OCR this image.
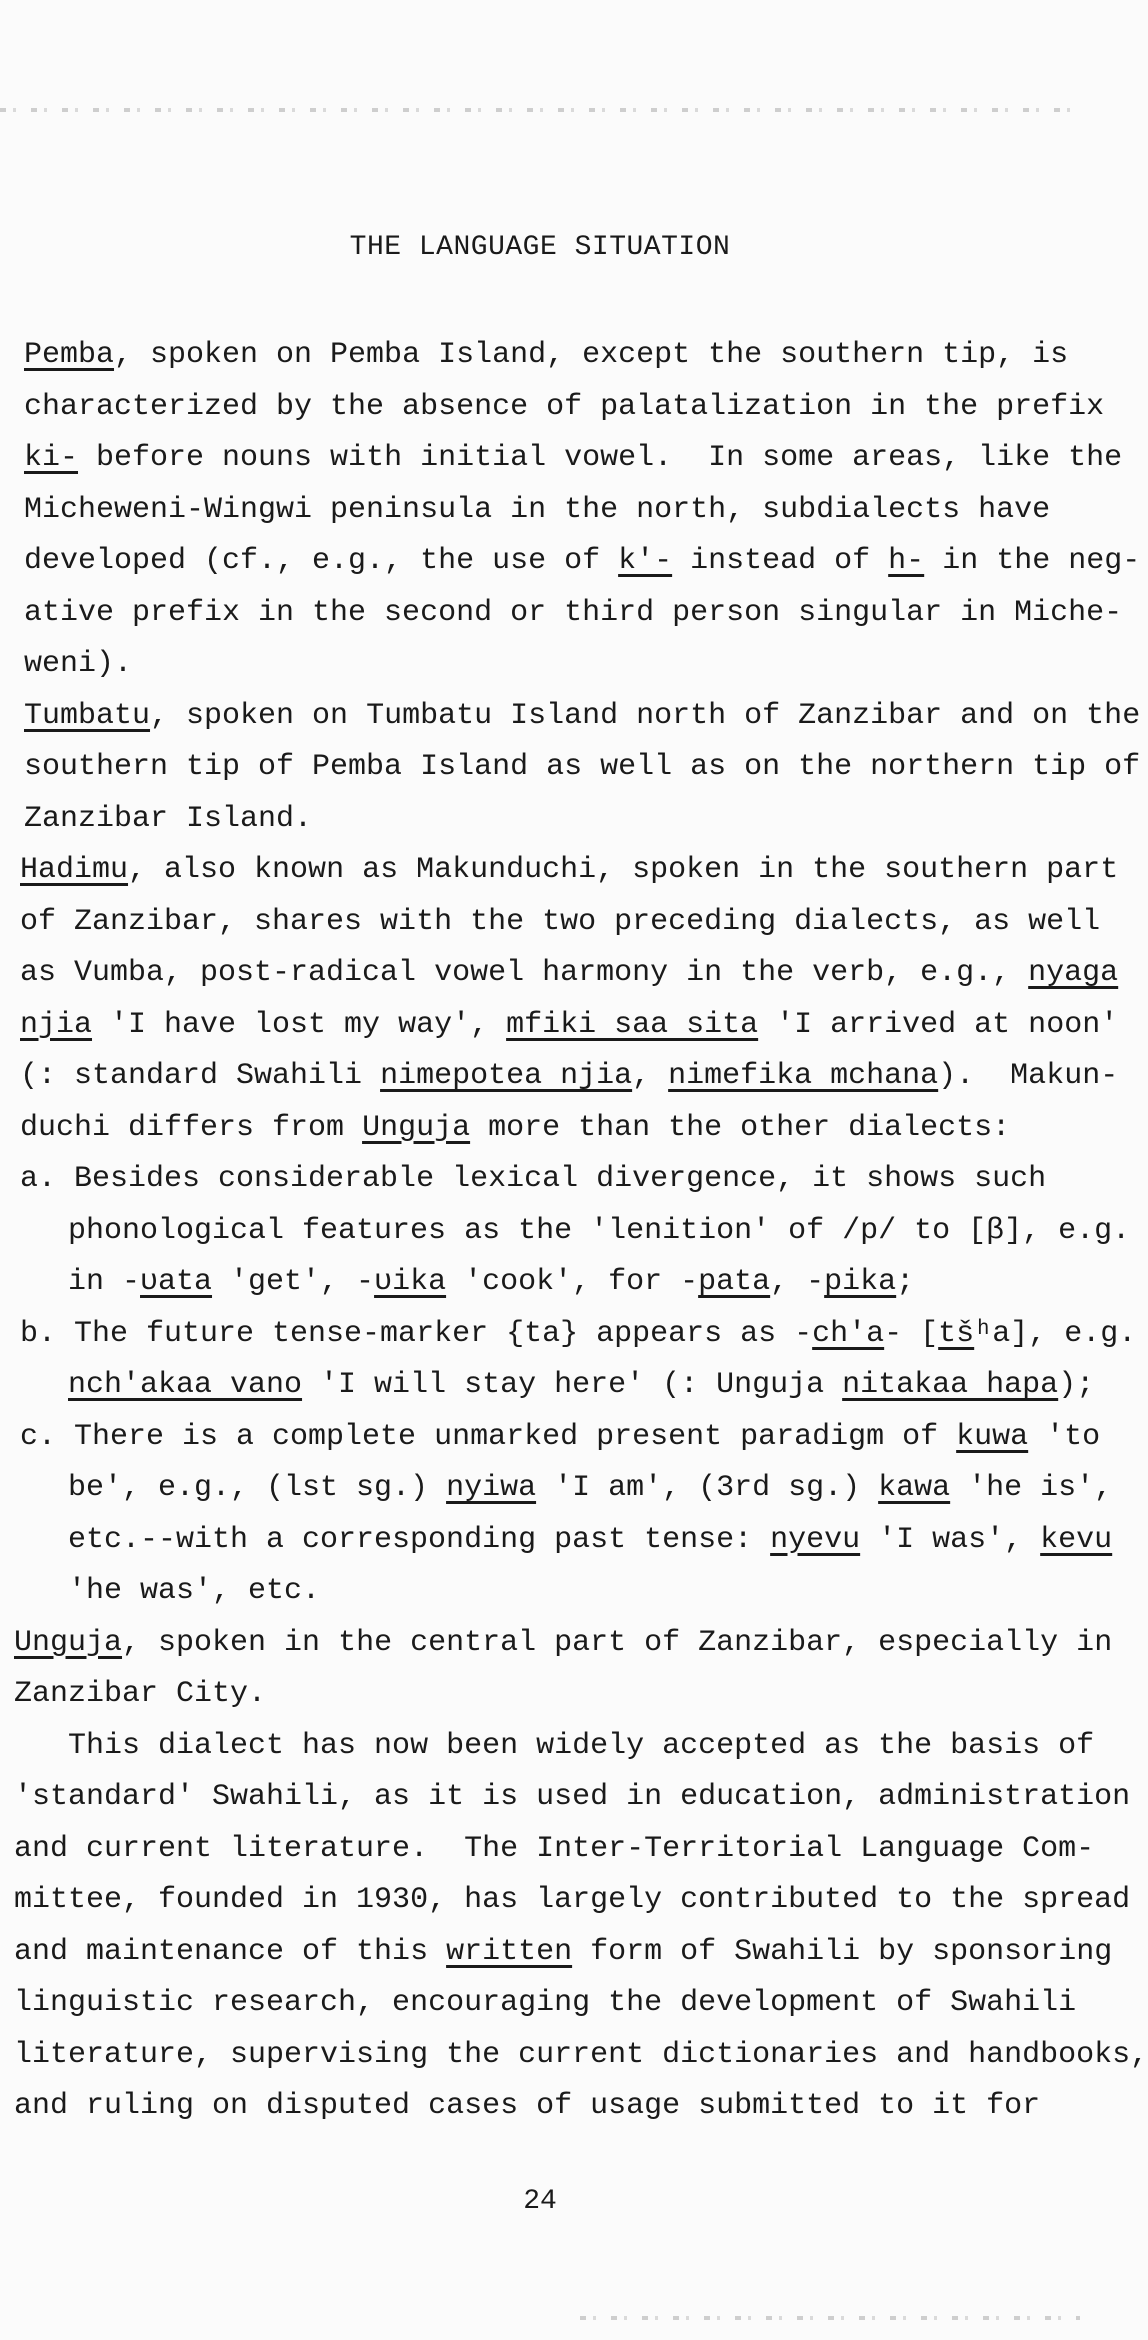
THE LANGUAGE SITUATION
Pemba, spoken on Pemba Island, except the southern tip, is
characterized by the absence of palatalization in the prefix
ki- before nouns with initial vowel.  In some areas, like the
Micheweni-Wingwi peninsula in the north, subdialects have
developed (cf., e.g., the use of k'- instead of h- in the neg-
ative prefix in the second or third person singular in Miche-
weni).
Tumbatu, spoken on Tumbatu Island north of Zanzibar and on the
southern tip of Pemba Island as well as on the northern tip of
Zanzibar Island.
Hadimu, also known as Makunduchi, spoken in the southern part
of Zanzibar, shares with the two preceding dialects, as well
as Vumba, post-radical vowel harmony in the verb, e.g., nyaga
njia 'I have lost my way', mfiki saa sita 'I arrived at noon'
(: standard Swahili nimepotea njia, nimefika mchana).  Makun-
duchi differs from Unguja more than the other dialects:
a. Besides considerable lexical divergence, it shows such
phonological features as the 'lenition' of /p/ to [β], e.g.
in -ʋata 'get', -ʋika 'cook', for -pata, -pika;
b. The future tense-marker {ta} appears as -ch'a- [tšʰa], e.g.
nch'akaa vano 'I will stay here' (: Unguja nitakaa hapa);
c. There is a complete unmarked present paradigm of kuwa 'to
be', e.g., (lst sg.) nyiwa 'I am', (3rd sg.) kawa 'he is',
etc.--with a corresponding past tense: nyevu 'I was', kevu
'he was', etc.
Unguja, spoken in the central part of Zanzibar, especially in
Zanzibar City.
This dialect has now been widely accepted as the basis of
'standard' Swahili, as it is used in education, administration
and current literature.  The Inter-Territorial Language Com-
mittee, founded in 1930, has largely contributed to the spread
and maintenance of this written form of Swahili by sponsoring
linguistic research, encouraging the development of Swahili
literature, supervising the current dictionaries and handbooks,
and ruling on disputed cases of usage submitted to it for
24
